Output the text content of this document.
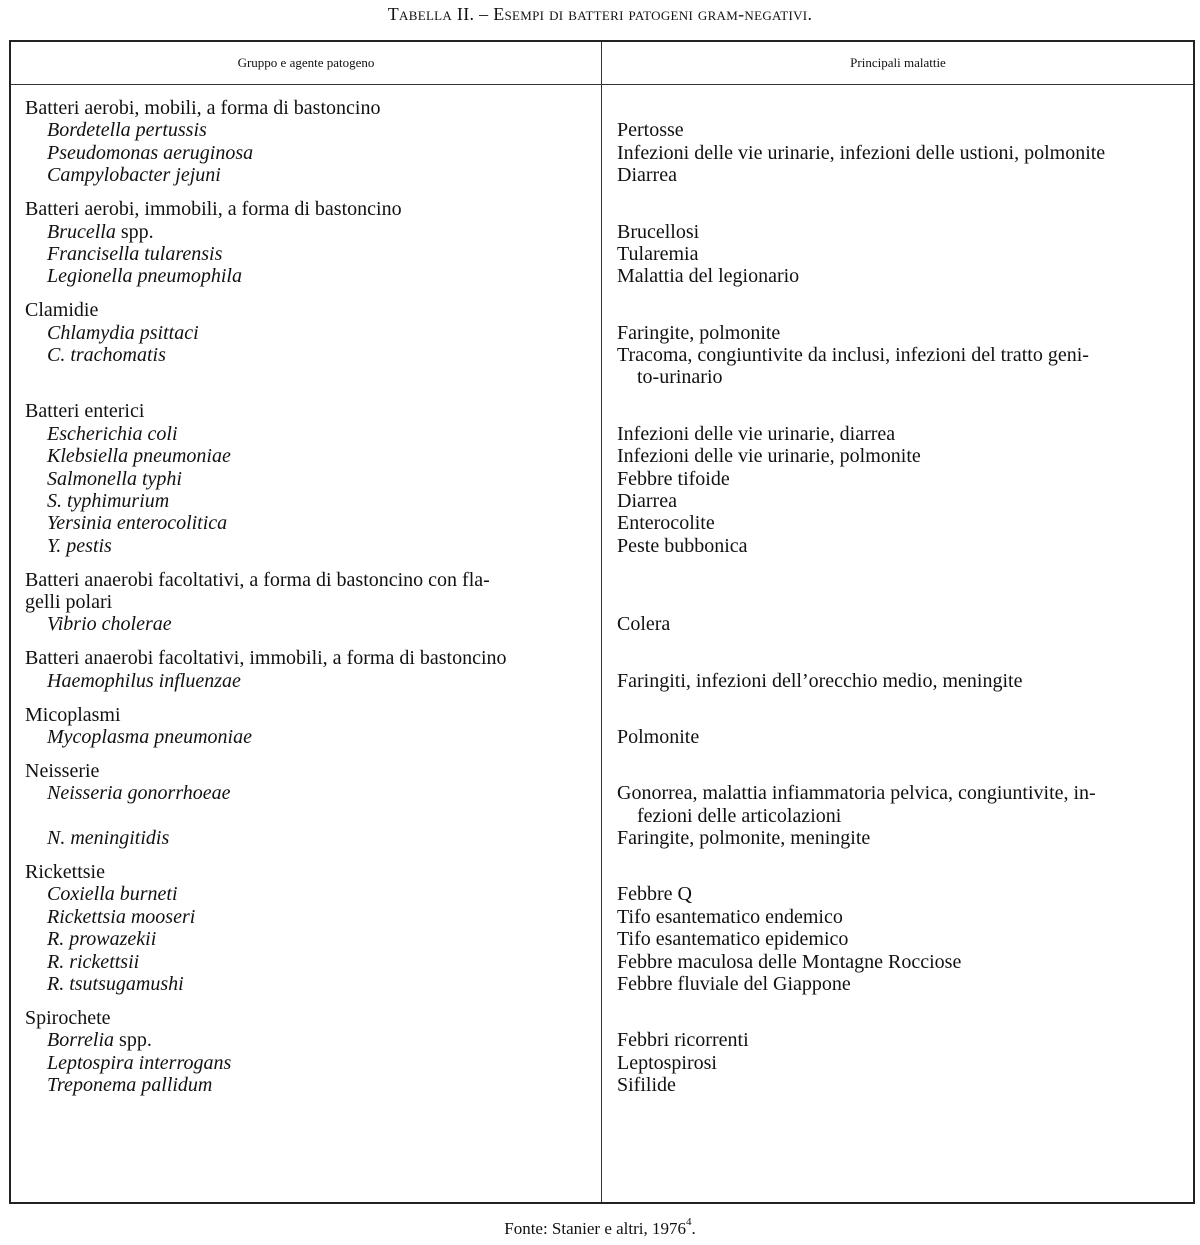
Tabella II. – Esempi di batteri patogeni gram-negativi.
Gruppo e agente patogeno	Principali malattie
Batteri aerobi, mobili, a forma di bastoncino
Bordetella pertussis	Pertosse
Pseudomonas aeruginosa	Infezioni delle vie urinarie, infezioni delle ustioni, polmonite
Campylobacter jejuni	Diarrea
Batteri aerobi, immobili, a forma di bastoncino
Brucella spp.	Brucellosi
Francisella tularensis	Tularemia
Legionella pneumophila	Malattia del legionario
Clamidie
Chlamydia psittaci	Faringite, polmonite
C. trachomatis	Tracoma, congiuntivite da inclusi, infezioni del tratto geni-
to-urinario
Batteri enterici
Escherichia coli	Infezioni delle vie urinarie, diarrea
Klebsiella pneumoniae	Infezioni delle vie urinarie, polmonite
Salmonella typhi	Febbre tifoide
S. typhimurium	Diarrea
Yersinia enterocolitica	Enterocolite
Y. pestis	Peste bubbonica
Batteri anaerobi facoltativi, a forma di bastoncino con fla-
gelli polari
Vibrio cholerae	Colera
Batteri anaerobi facoltativi, immobili, a forma di bastoncino
Haemophilus influenzae	Faringiti, infezioni dell’orecchio medio, meningite
Micoplasmi
Mycoplasma pneumoniae	Polmonite
Neisserie
Neisseria gonorrhoeae	Gonorrea, malattia infiammatoria pelvica, congiuntivite, in-
fezioni delle articolazioni
N. meningitidis	Faringite, polmonite, meningite
Rickettsie
Coxiella burneti	Febbre Q
Rickettsia mooseri	Tifo esantematico endemico
R. prowazekii	Tifo esantematico epidemico
R. rickettsii	Febbre maculosa delle Montagne Rocciose
R. tsutsugamushi	Febbre fluviale del Giappone
Spirochete
Borrelia spp.	Febbri ricorrenti
Leptospira interrogans	Leptospirosi
Treponema pallidum	Sifilide
Fonte: Stanier e altri, 1976$^4$.
